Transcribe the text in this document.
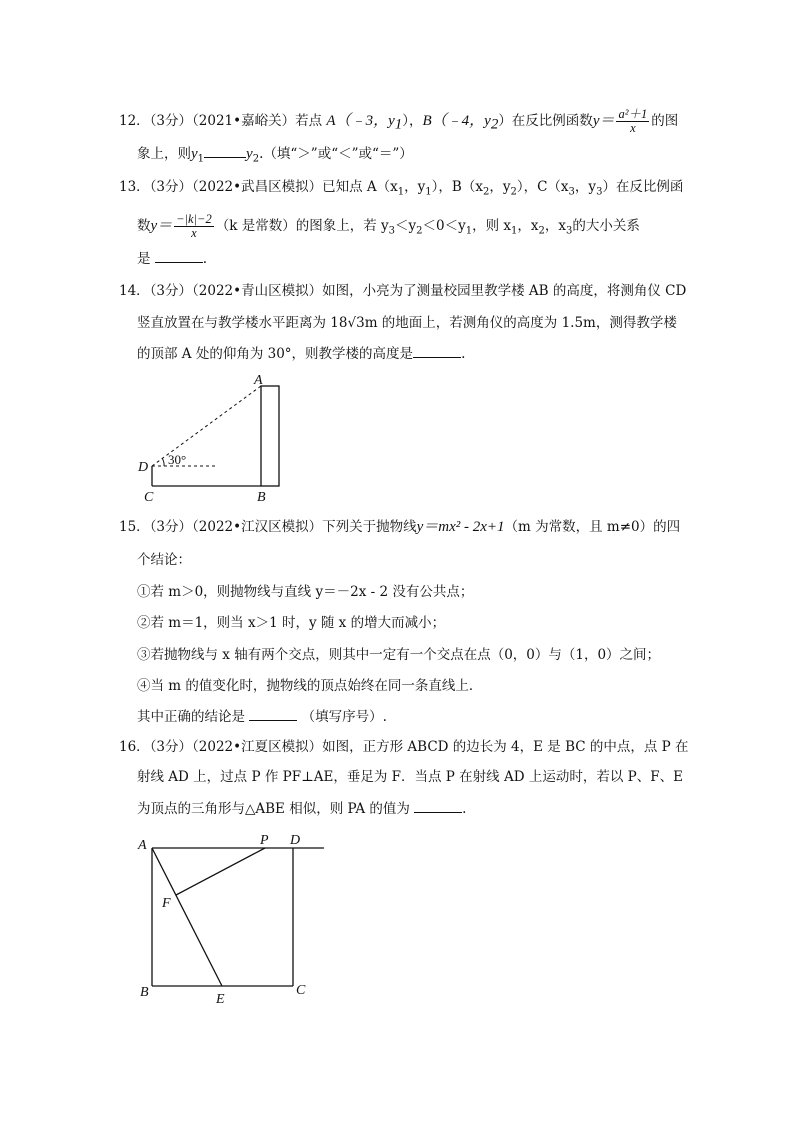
12．（3分）（2021•嘉峪关）若点 A（﹣3，$y_1$），B（﹣4，$y_2$）在反比例函数$y= \frac{\text{a²＋1}}{x}$ 的图
象上，则$y_1$	$y_2$.（填“＞”或“＜”或“＝”）
13．（3分）（2022•武昌区模拟）已知点 $A(x_1$，$y_1$），$B(x_2$，$y_2$），$C(x_3$，$y_3$）在反比例函
数$y= \frac{-|k|-2}{x} (k$ 是常数）的图象上，若 $y_3<y_2<0<y_1$，则 $x_1$，$x_2$，$x_3$的大小关系
是	.
14．（3分）（2022•青山区模拟）如图，小亮为了测量校园里教学楼 AB 的高度，将测角仪 CD
竖直放置在与教学楼水平距离为 18√3m 的地面上，若测角仪的高度为 1.5m，测得教学楼
的顶部 A 处的仰角为 30°，则教学楼的高度是	.
30°
A
B
C
D
15．（3分）（2022•江汉区模拟）下列关于抛物线y＝mx² - 2x+1（m 为常数，且 m≠0）的四
个结论：
①若 m＞0，则抛物线与直线 y＝－2x - 2 没有公共点；
②若 m＝1，则当 x＞1 时，y 随 x 的增大而减小；
③若抛物线与 x 轴有两个交点，则其中一定有一个交点在点（0，0）与（1，0）之间；
④当 m 的值变化时，抛物线的顶点始终在同一条直线上．
其中正确的结论是	（填写序号）.
16．（3分）（2022•江夏区模拟）如图，正方形 ABCD 的边长为 4，E 是 BC 的中点，点 P 在
射线 AD 上，过点 P 作 PF⊥AE，垂足为 F．当点 P 在射线 AD 上运动时，若以 P、F、E
为顶点的三角形与△ABE 相似，则 PA 的值为	.
A
B	C
D
E
F
P
